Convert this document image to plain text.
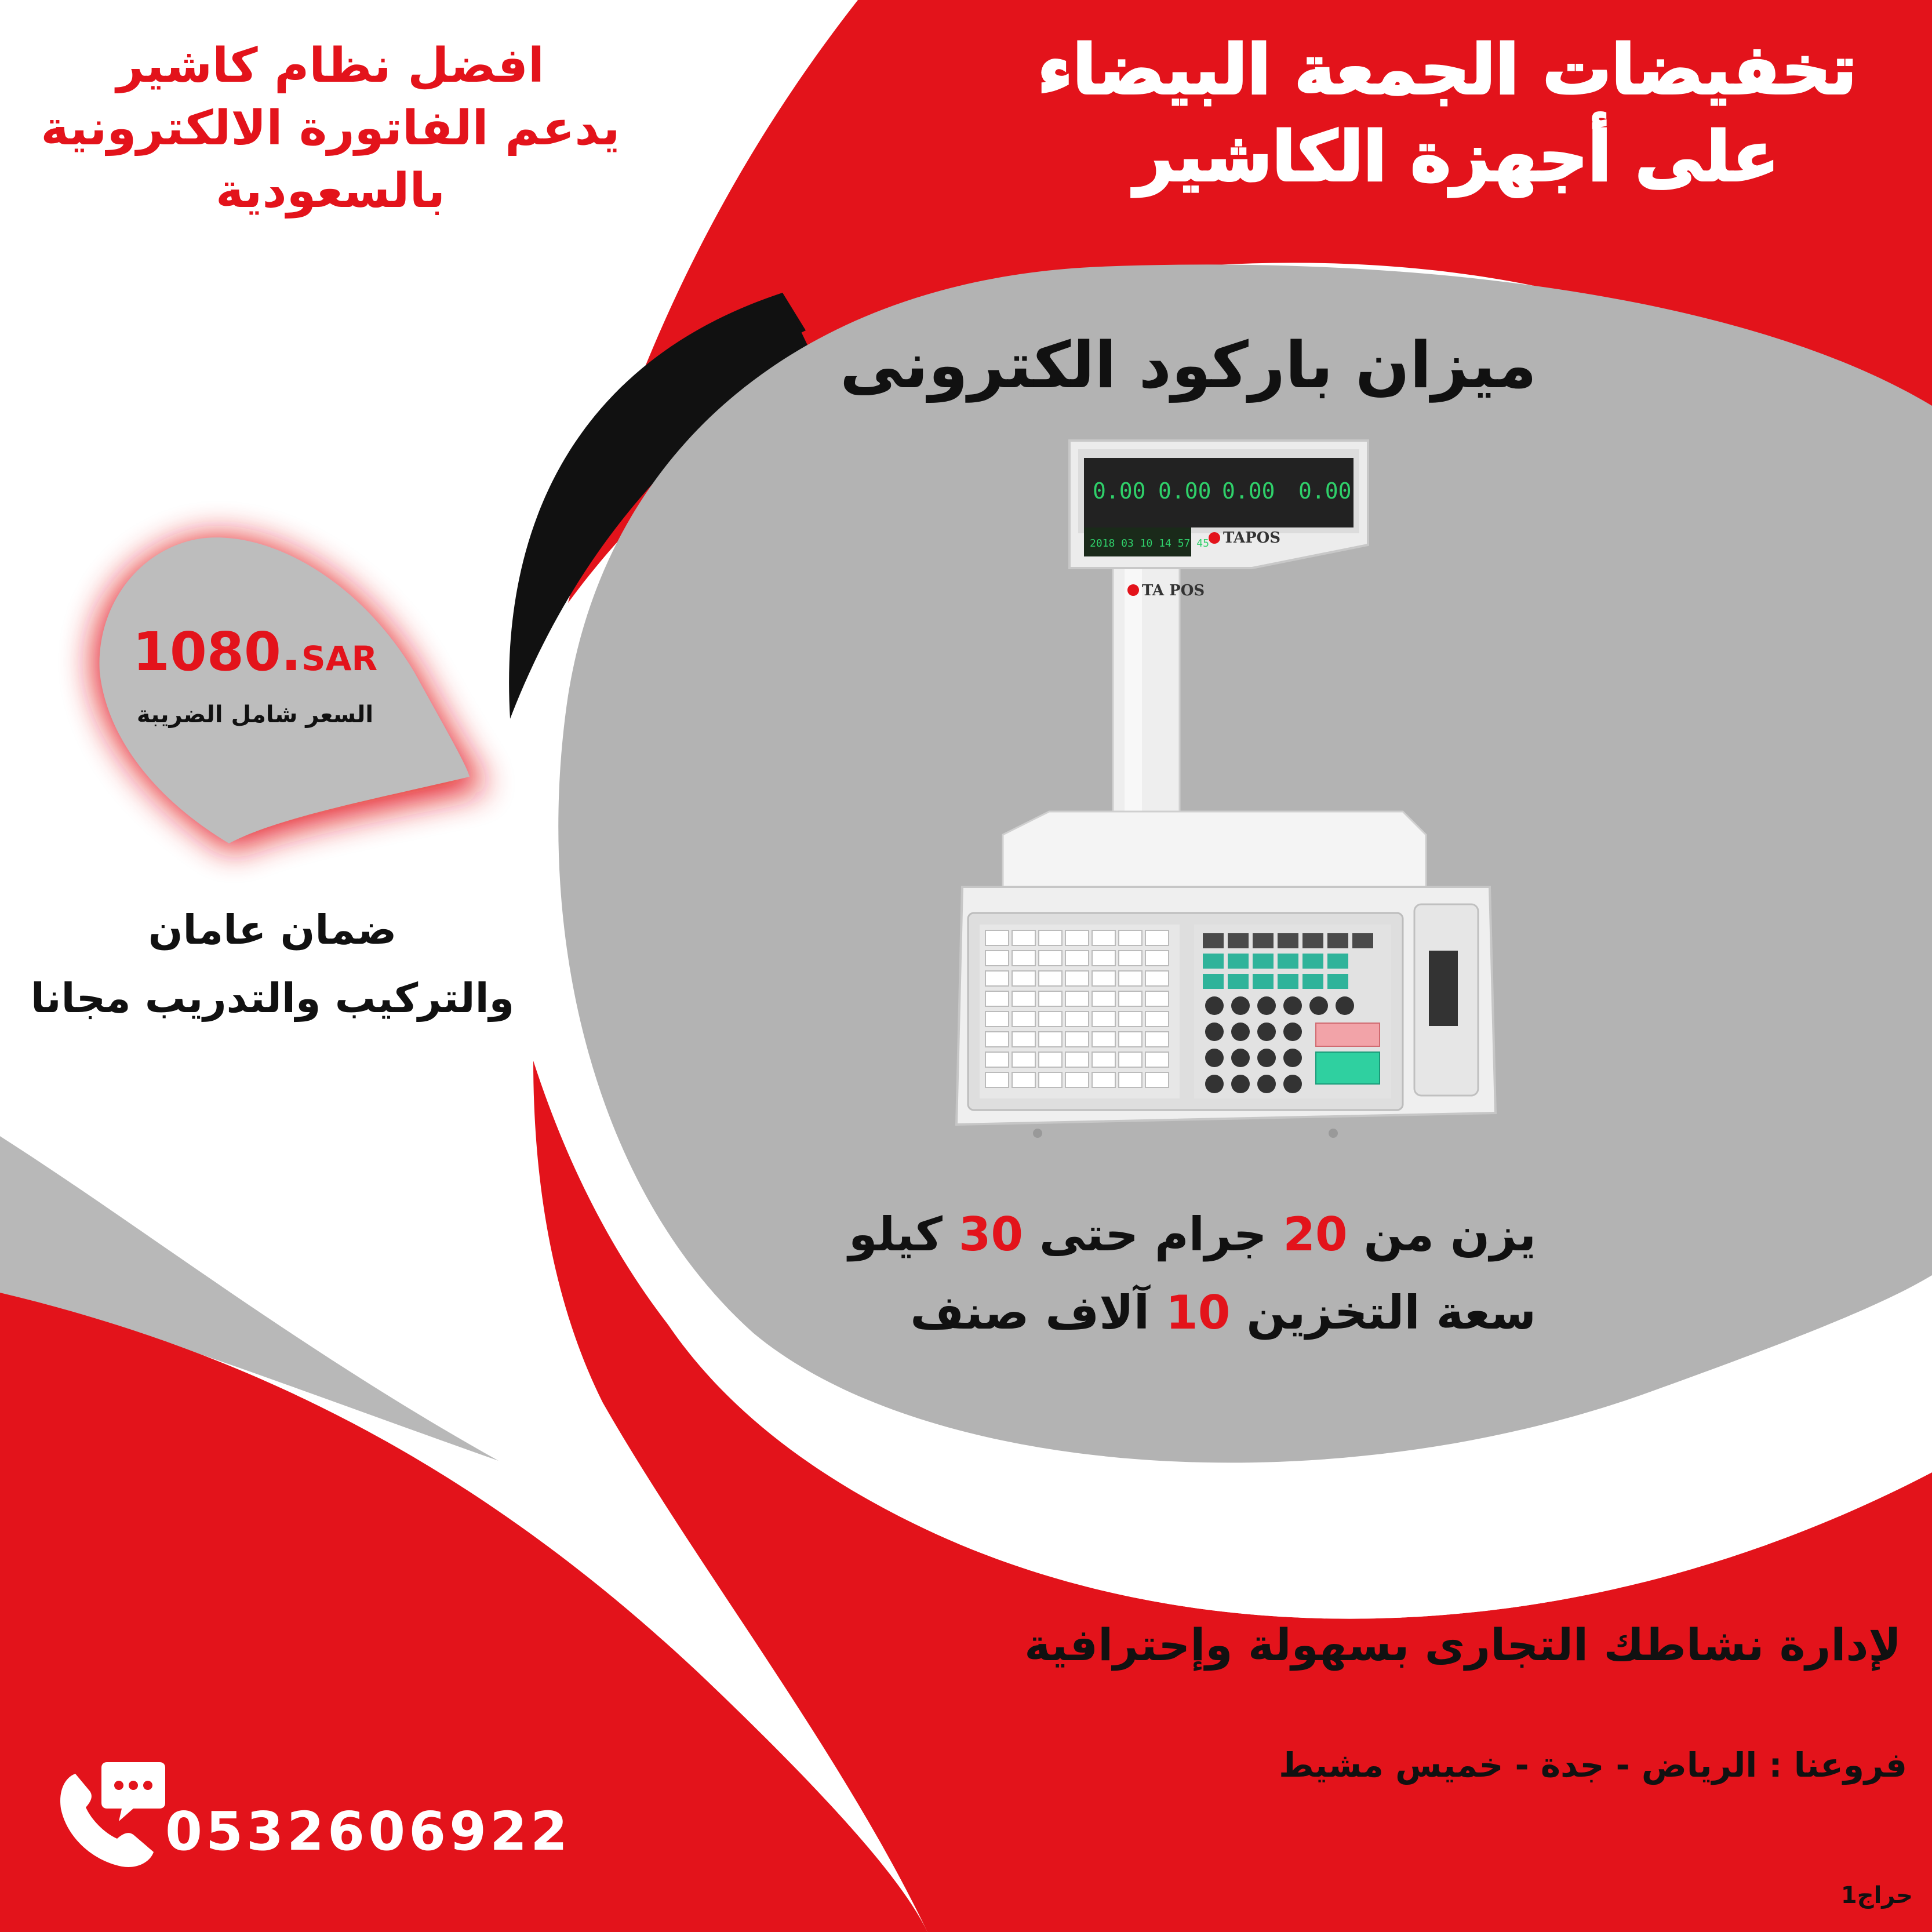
0.00 0.00 0.00 0.00
2018 03 10 14 57 45 TAPOS
TA POS
تخفيضات الجمعة البيضاء
على أجهزة الكاشير
افضل نظام كاشير
يدعم الفاتورة الالكترونية
بالسعودية
ميزان باركود الكترونى
1080.SAR
السعر شامل الضريبة
ضمان عامان
والتركيب والتدريب مجانا
يزن من 20 جرام حتى 30 كيلو
سعة التخزين 10 آلاف صنف
لإدارة نشاطك التجارى بسهولة وإحترافية
فروعنا : الرياض - جدة - خميس مشيط
0532606922
حراج1
